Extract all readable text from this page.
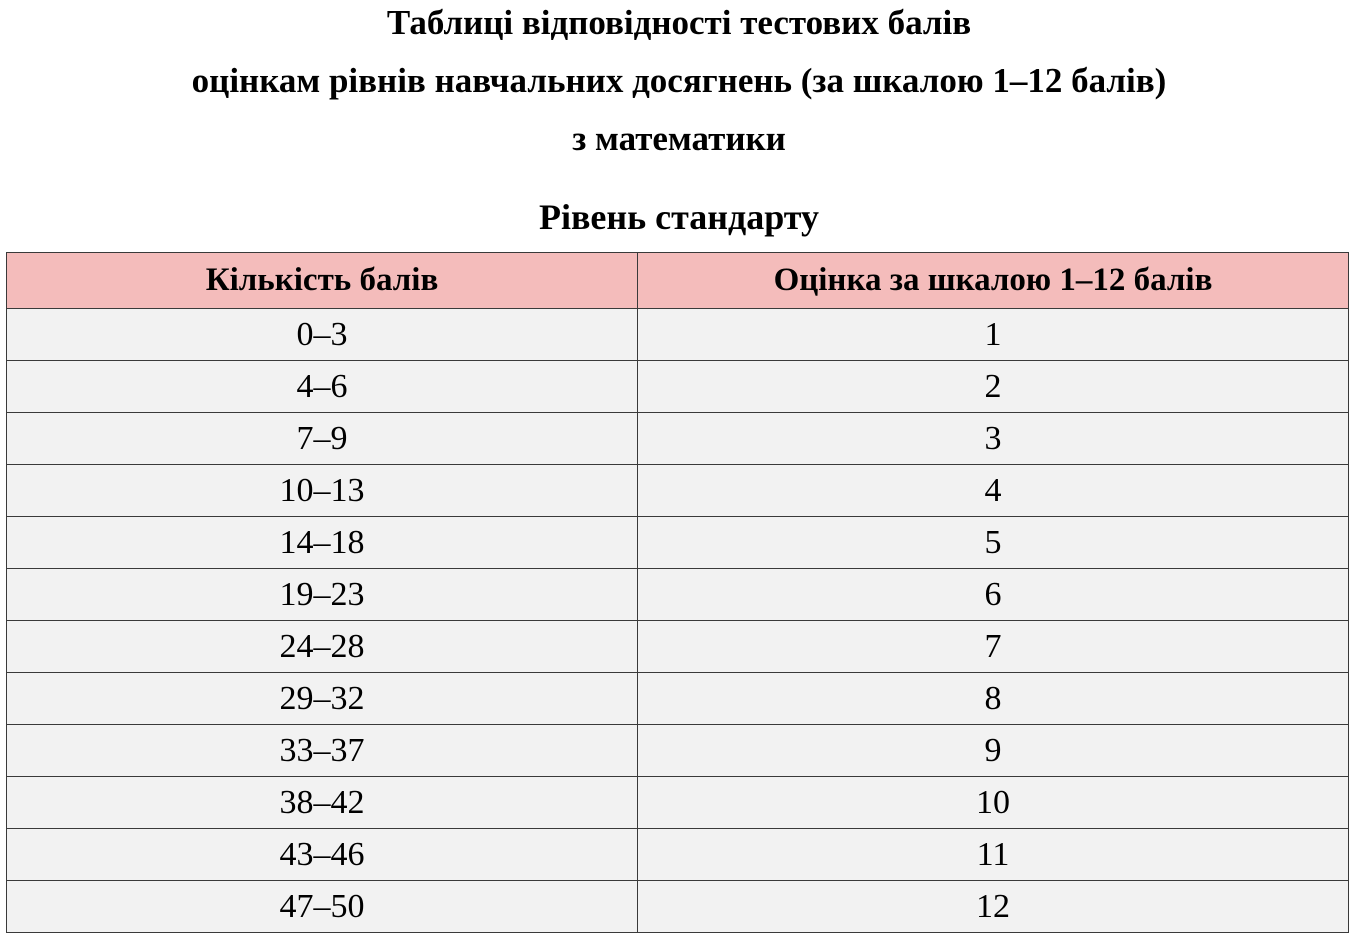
Таблиці відповідності тестових балів
оцінкам рівнів навчальних досягнень (за шкалою 1–12 балів)
з математики
Рівень стандарту
Кількість балів	Оцінка за шкалою 1–12 балів
0–3	1
4–6	2
7–9	3
10–13	4
14–18	5
19–23	6
24–28	7
29–32	8
33–37	9
38–42	10
43–46	11
47–50	12
